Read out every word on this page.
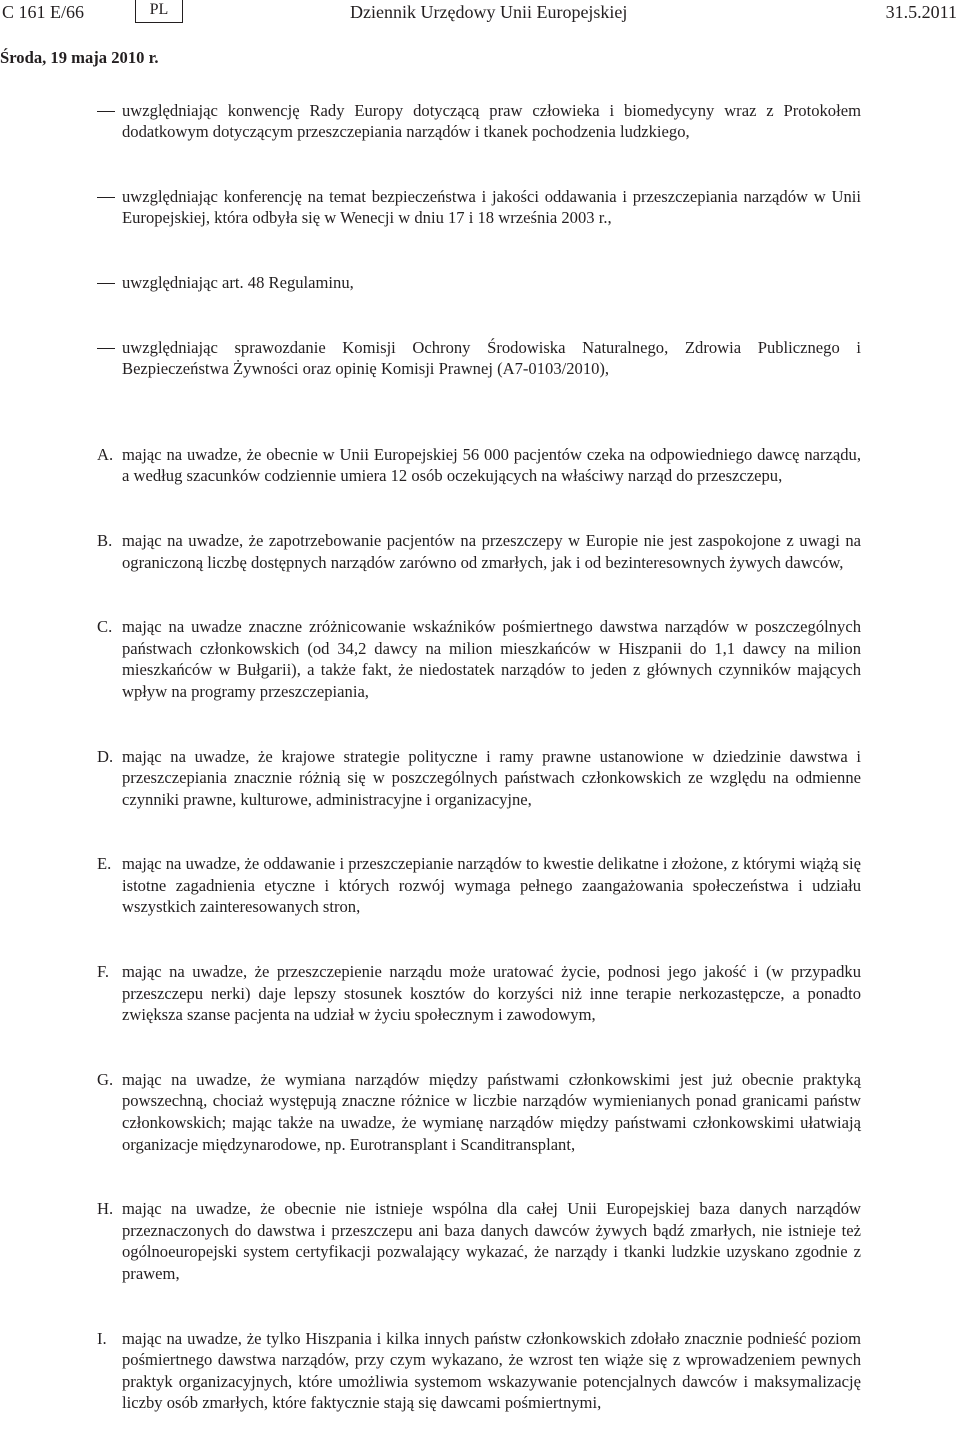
C 161 E/66	PL	Dziennik Urzędowy Unii Europejskiej	31.5.2011
Środa, 19 maja 2010 r.

uwzględniając konwencję Rady Europy dotyczącą praw człowieka i biomedycyny wraz z Protokołem dodatkowym dotyczącym przeszczepiania narządów i tkanek pochodzenia ludzkiego,

uwzględniając konferencję na temat bezpieczeństwa i jakości oddawania i przeszczepiania narządów w Unii Europejskiej, która odbyła się w Wenecji w dniu 17 i 18 września 2003 r.,

uwzględniając art. 48 Regulaminu,

uwzględniając sprawozdanie Komisji Ochrony Środowiska Naturalnego, Zdrowia Publicznego i Bezpieczeństwa Żywności oraz opinię Komisji Prawnej (A7-0103/2010),

A. mając na uwadze, że obecnie w Unii Europejskiej 56 000 pacjentów czeka na odpowiedniego dawcę narządu, a według szacunków codziennie umiera 12 osób oczekujących na właściwy narząd do przeszczepu,

B. mając na uwadze, że zapotrzebowanie pacjentów na przeszczepy w Europie nie jest zaspokojone z uwagi na ograniczoną liczbę dostępnych narządów zarówno od zmarłych, jak i od bezinteresownych żywych dawców,

C. mając na uwadze znaczne zróżnicowanie wskaźników pośmiertnego dawstwa narządów w poszczególnych państwach członkowskich (od 34,2 dawcy na milion mieszkańców w Hiszpanii do 1,1 dawcy na milion mieszkańców w Bułgarii), a także fakt, że niedostatek narządów to jeden z głównych czynników mających wpływ na programy przeszczepiania,

D. mając na uwadze, że krajowe strategie polityczne i ramy prawne ustanowione w dziedzinie dawstwa i przeszczepiania znacznie różnią się w poszczególnych państwach członkowskich ze względu na odmienne czynniki prawne, kulturowe, administracyjne i organizacyjne,

E. mając na uwadze, że oddawanie i przeszczepianie narządów to kwestie delikatne i złożone, z którymi wiążą się istotne zagadnienia etyczne i których rozwój wymaga pełnego zaangażowania społeczeństwa i udziału wszystkich zainteresowanych stron,

F. mając na uwadze, że przeszczepienie narządu może uratować życie, podnosi jego jakość i (w przypadku przeszczepu nerki) daje lepszy stosunek kosztów do korzyści niż inne terapie nerkozastępcze, a ponadto zwiększa szanse pacjenta na udział w życiu społecznym i zawodowym,

G. mając na uwadze, że wymiana narządów między państwami członkowskimi jest już obecnie praktyką powszechną, chociaż występują znaczne różnice w liczbie narządów wymienianych ponad granicami państw członkowskich; mając także na uwadze, że wymianę narządów między państwami członkowskimi ułatwiają organizacje międzynarodowe, np. Eurotransplant i Scanditransplant,

H. mając na uwadze, że obecnie nie istnieje wspólna dla całej Unii Europejskiej baza danych narządów przeznaczonych do dawstwa i przeszczepu ani baza danych dawców żywych bądź zmarłych, nie istnieje też ogólnoeuropejski system certyfikacji pozwalający wykazać, że narządy i tkanki ludzkie uzyskano zgodnie z prawem,

I. mając na uwadze, że tylko Hiszpania i kilka innych państw członkowskich zdołało znacznie podnieść poziom pośmiertnego dawstwa narządów, przy czym wykazano, że wzrost ten wiąże się z wprowadzeniem pewnych praktyk organizacyjnych, które umożliwia systemom wskazywanie potencjalnych dawców i maksymalizację liczby osób zmarłych, które faktycznie stają się dawcami pośmiertnymi,
